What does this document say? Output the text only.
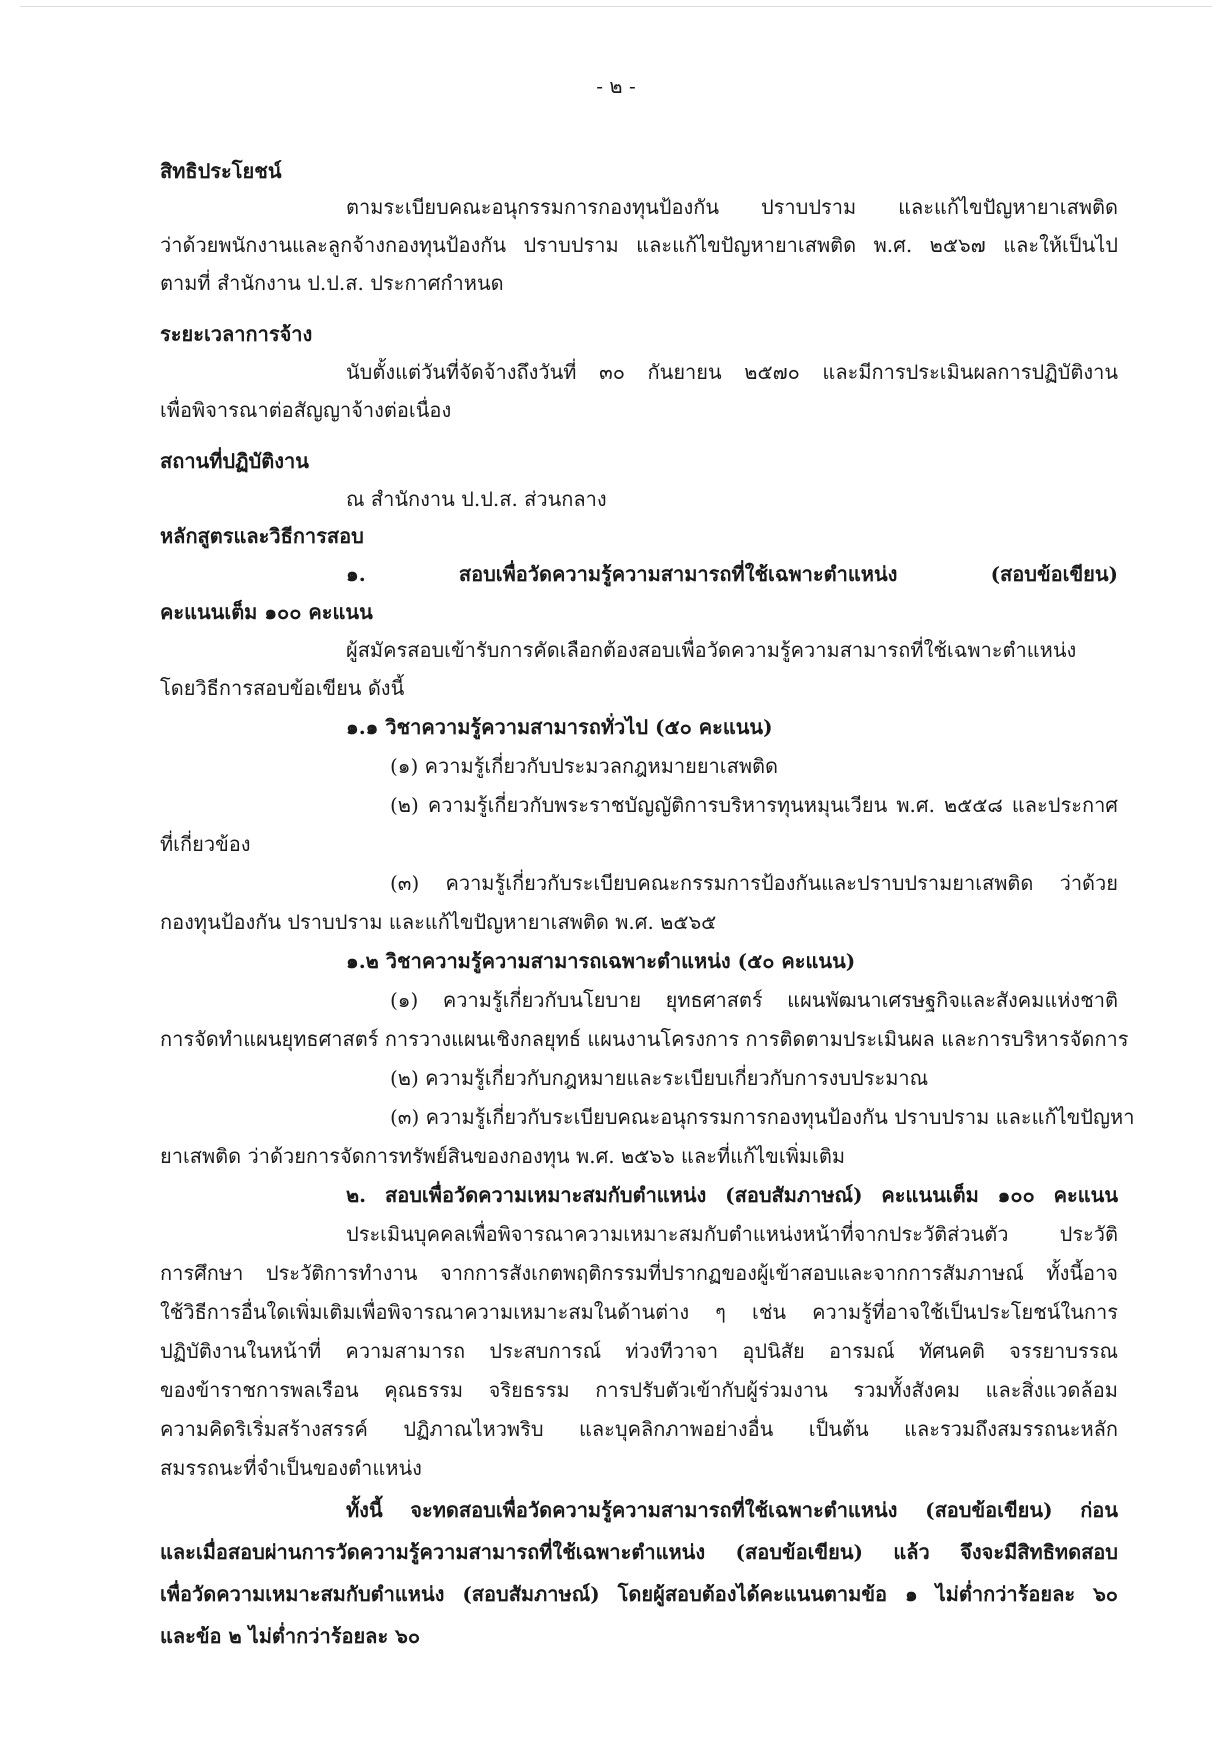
- ๒ -
สิทธิประโยชน์
ตามระเบียบคณะอนุกรรมการกองทุนป้องกัน ปราบปราม และแก้ไขปัญหายาเสพติด
ว่าด้วยพนักงานและลูกจ้างกองทุนป้องกัน ปราบปราม และแก้ไขปัญหายาเสพติด พ.ศ. ๒๕๖๗ และให้เป็นไป
ตามที่ สำนักงาน ป.ป.ส. ประกาศกำหนด
ระยะเวลาการจ้าง
นับตั้งแต่วันที่จัดจ้างถึงวันที่ ๓๐ กันยายน ๒๕๗๐ และมีการประเมินผลการปฏิบัติงาน
เพื่อพิจารณาต่อสัญญาจ้างต่อเนื่อง
สถานที่ปฏิบัติงาน
ณ สำนักงาน ป.ป.ส. ส่วนกลาง
หลักสูตรและวิธีการสอบ
๑. สอบเพื่อวัดความรู้ความสามารถที่ใช้เฉพาะตำแหน่ง (สอบข้อเขียน)
คะแนนเต็ม ๑๐๐ คะแนน
ผู้สมัครสอบเข้ารับการคัดเลือกต้องสอบเพื่อวัดความรู้ความสามารถที่ใช้เฉพาะตำแหน่ง
โดยวิธีการสอบข้อเขียน ดังนี้
๑.๑ วิชาความรู้ความสามารถทั่วไป (๕๐ คะแนน)
(๑) ความรู้เกี่ยวกับประมวลกฎหมายยาเสพติด
(๒) ความรู้เกี่ยวกับพระราชบัญญัติการบริหารทุนหมุนเวียน พ.ศ. ๒๕๕๘ และประกาศ
ที่เกี่ยวข้อง
(๓) ความรู้เกี่ยวกับระเบียบคณะกรรมการป้องกันและปราบปรามยาเสพติด ว่าด้วย
กองทุนป้องกัน ปราบปราม และแก้ไขปัญหายาเสพติด พ.ศ. ๒๕๖๕
๑.๒ วิชาความรู้ความสามารถเฉพาะตำแหน่ง (๕๐ คะแนน)
(๑) ความรู้เกี่ยวกับนโยบาย ยุทธศาสตร์ แผนพัฒนาเศรษฐกิจและสังคมแห่งชาติ
การจัดทำแผนยุทธศาสตร์ การวางแผนเชิงกลยุทธ์ แผนงานโครงการ การติดตามประเมินผล และการบริหารจัดการ
(๒) ความรู้เกี่ยวกับกฎหมายและระเบียบเกี่ยวกับการงบประมาณ
(๓) ความรู้เกี่ยวกับระเบียบคณะอนุกรรมการกองทุนป้องกัน ปราบปราม และแก้ไขปัญหา
ยาเสพติด ว่าด้วยการจัดการทรัพย์สินของกองทุน พ.ศ. ๒๕๖๖ และที่แก้ไขเพิ่มเติม
๒. สอบเพื่อวัดความเหมาะสมกับตำแหน่ง (สอบสัมภาษณ์) คะแนนเต็ม ๑๐๐ คะแนน
ประเมินบุคคลเพื่อพิจารณาความเหมาะสมกับตำแหน่งหน้าที่จากประวัติส่วนตัว ประวัติ
การศึกษา ประวัติการทำงาน จากการสังเกตพฤติกรรมที่ปรากฏของผู้เข้าสอบและจากการสัมภาษณ์ ทั้งนี้อาจ
ใช้วิธีการอื่นใดเพิ่มเติมเพื่อพิจารณาความเหมาะสมในด้านต่าง ๆ เช่น ความรู้ที่อาจใช้เป็นประโยชน์ในการ
ปฏิบัติงานในหน้าที่ ความสามารถ ประสบการณ์ ท่วงทีวาจา อุปนิสัย อารมณ์ ทัศนคติ จรรยาบรรณ
ของข้าราชการพลเรือน คุณธรรม จริยธรรม การปรับตัวเข้ากับผู้ร่วมงาน รวมทั้งสังคม และสิ่งแวดล้อม
ความคิดริเริ่มสร้างสรรค์ ปฏิภาณไหวพริบ และบุคลิกภาพอย่างอื่น เป็นต้น และรวมถึงสมรรถนะหลัก
สมรรถนะที่จำเป็นของตำแหน่ง
ทั้งนี้ จะทดสอบเพื่อวัดความรู้ความสามารถที่ใช้เฉพาะตำแหน่ง (สอบข้อเขียน) ก่อน
และเมื่อสอบผ่านการวัดความรู้ความสามารถที่ใช้เฉพาะตำแหน่ง (สอบข้อเขียน) แล้ว จึงจะมีสิทธิทดสอบ
เพื่อวัดความเหมาะสมกับตำแหน่ง (สอบสัมภาษณ์) โดยผู้สอบต้องได้คะแนนตามข้อ ๑ ไม่ต่ำกว่าร้อยละ ๖๐
และข้อ ๒ ไม่ต่ำกว่าร้อยละ ๖๐
